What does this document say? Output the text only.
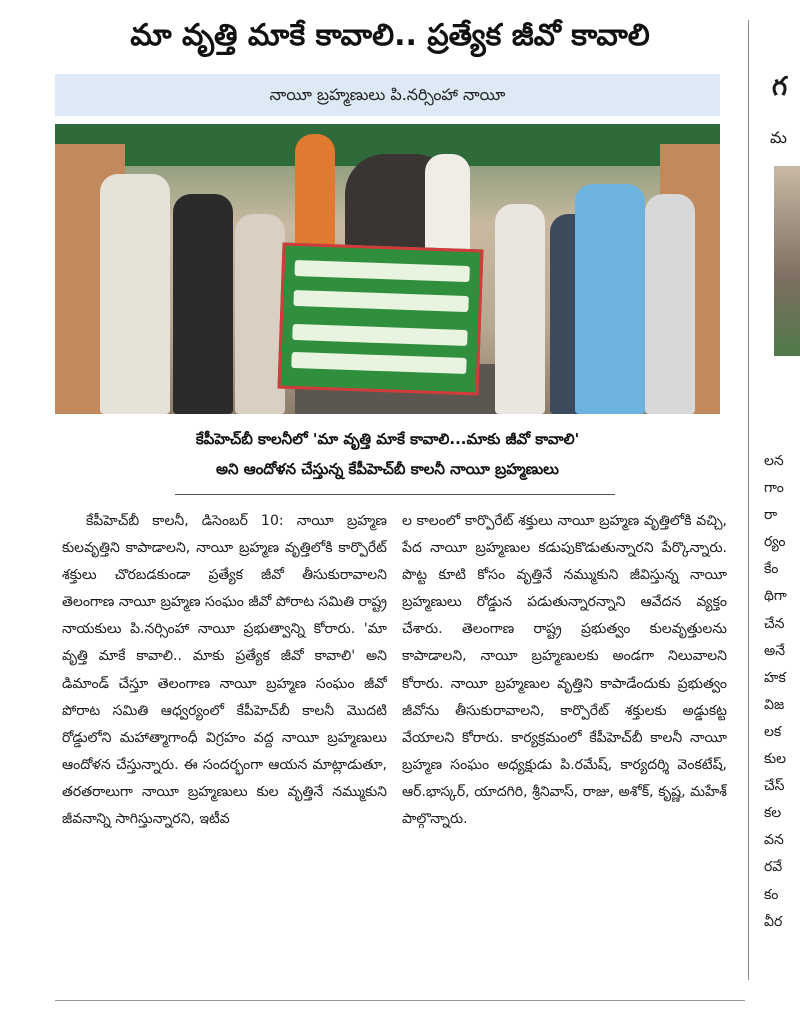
మా వృత్తి మాకే కావాలి.. ప్రత్యేక జీవో కావాలి
నాయీ బ్రహ్మణులు పి.నర్సింహా నాయీ
కేపీహెచ్‌బీ కాలనీలో 'మా వృత్తి మాకే కావాలి...మాకు జీవో కావాలి'
అని ఆందోళన చేస్తున్న కేపీహెచ్‌బీ కాలనీ నాయీ బ్రహ్మణులు

కేపీహెచ్‌బీ కాలనీ, డిసెంబర్ 10: నాయీ బ్రహ్మణ కులవృత్తిని కాపాడాలని, నాయీ బ్రహ్మణ వృత్తిలోకి కార్పొరేట్ శక్తులు చొరబడకుండా ప్రత్యేక జీవో తీసుకురావాలని తెలంగాణ నాయీ బ్రహ్మణ సంఘం జీవో పోరాట సమితి రాష్ట్ర నాయకులు పి.నర్సింహా నాయీ ప్రభుత్వాన్ని కోరారు. 'మా వృత్తి మాకే కావాలి.. మాకు ప్రత్యేక జీవో కావాలి' అని డిమాండ్ చేస్తూ తెలంగాణ నాయీ బ్రహ్మణ సంఘం జీవో పోరాట సమితి ఆధ్వర్యంలో కేపీహెచ్‌బీ కాలనీ మొదటి రోడ్డులోని మహాత్మాగాంధీ విగ్రహం వద్ద నాయీ బ్రహ్మణులు ఆందోళన చేస్తున్నారు. ఈ సందర్భంగా ఆయన మాట్లాడుతూ, తరతరాలుగా నాయీ బ్రహ్మణులు కుల వృత్తినే నమ్ముకుని జీవనాన్ని సాగిస్తున్నారని, ఇటీవ

ల కాలంలో కార్పొరేట్ శక్తులు నాయీ బ్రహ్మణ వృత్తిలోకి వచ్చి, పేద నాయీ బ్రహ్మణుల కడుపుకొడుతున్నారని పేర్కొన్నారు. పొట్ట కూటి కోసం వృత్తినే నమ్ముకుని జీవిస్తున్న నాయీ బ్రహ్మణులు రోడ్డున పడుతున్నారన్నాని ఆవేదన వ్యక్తం చేశారు. తెలంగాణ రాష్ట్ర ప్రభుత్వం కులవృత్తులను కాపాడాలని, నాయీ బ్రహ్మణులకు అండగా నిలువాలని కోరారు. నాయీ బ్రహ్మణుల వృత్తిని కాపాడేందుకు ప్రభుత్వం జీవోను తీసుకురావాలని, కార్పొరేట్ శక్తులకు అడ్డుకట్ట వేయాలని కోరారు. కార్యక్రమంలో కేపీహెచ్‌బీ కాలనీ నాయీ బ్రహ్మణ సంఘం అధ్యక్షుడు పి.రమేష్, కార్యదర్శి వెంకటేష్, ఆర్.భాస్కర్, యాదగిరి, శ్రీనివాస్, రాజు, అశోక్, కృష్ణ, మహేశ్ పాల్గొన్నారు.

గ
మ
లన
గాం
రా
ర్యం
కేం
థిగా
చేన
అనే
హక
విజ
లక
కుల
చేస్
కల
వన
రవే
కం
వీర
